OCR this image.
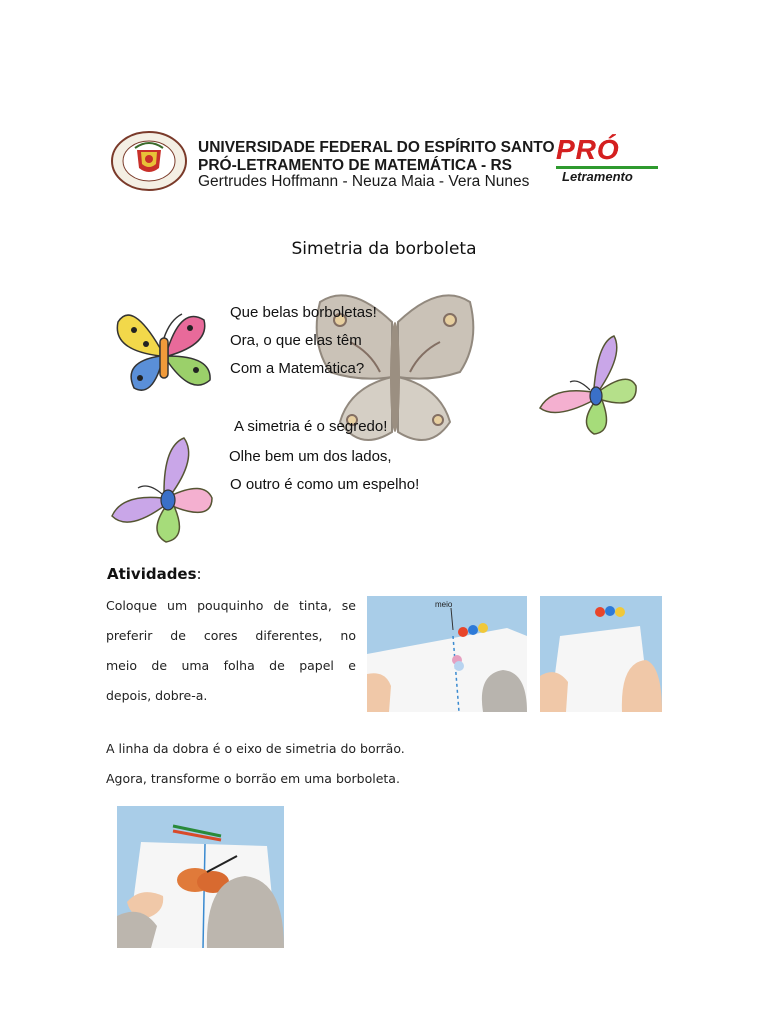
UNIVERSIDADE FEDERAL DO ESPÍRITO SANTO
PRÓ-LETRAMENTO DE MATEMÁTICA - RS
Gertrudes Hoffmann - Neuza Maia - Vera Nunes
PRÓ
Letramento
Simetria da borboleta
Que belas borboletas!
Ora, o que elas têm
Com a Matemática?
A simetria é o segredo!
Olhe bem um dos lados,
O outro é como um espelho!
Atividades:
Coloque um pouquinho de tinta, se
preferir de cores diferentes, no
meio de uma folha de papel e
depois, dobre-a.
meio
A linha da dobra é o eixo de simetria do borrão.
Agora, transforme o borrão em uma borboleta.
